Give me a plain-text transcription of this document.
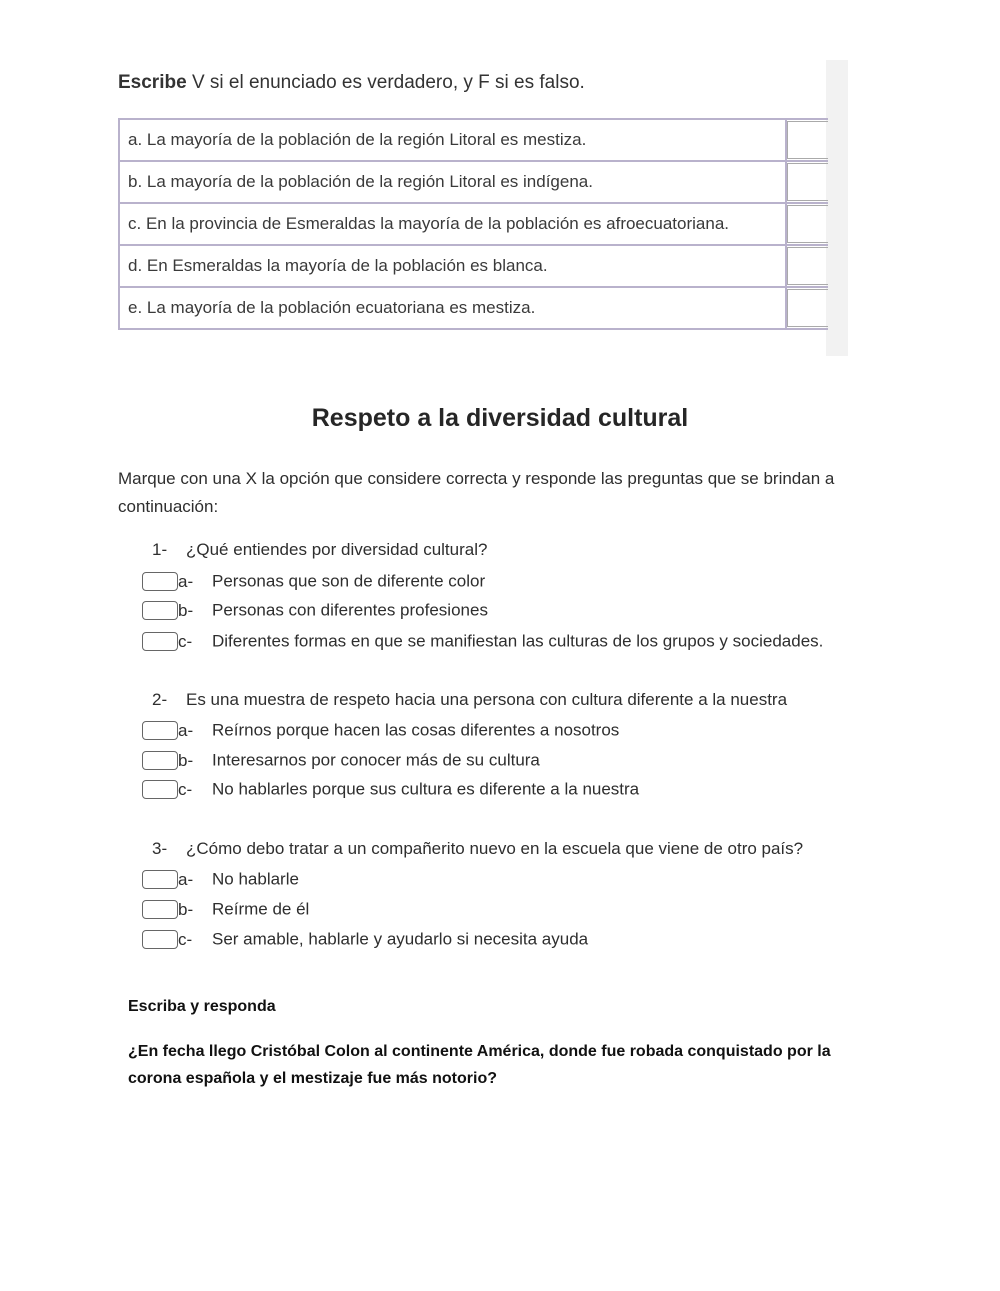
Escribe V si el enunciado es verdadero, y F si es falso.
a. La mayoría de la población de la región Litoral es mestiza.	

b. La mayoría de la población de la región Litoral es indígena.	

c. En la provincia de Esmeraldas la mayoría de la población es afroecuatoriana.	

d. En Esmeraldas la mayoría de la población es blanca.	

e. La mayoría de la población ecuatoriana es mestiza.	
Respeto a la diversidad cultural
Marque con una X la opción que considere correcta y responde las preguntas que se brindan a continuación:
1- ¿Qué entiendes por diversidad cultural?
a- Personas que son de diferente color
b- Personas con diferentes profesiones
c- Diferentes formas en que se manifiestan las culturas de los grupos y sociedades.
2- Es una muestra de respeto hacia una persona con cultura diferente a la nuestra
a- Reírnos porque hacen las cosas diferentes a nosotros
b- Interesarnos por conocer más de su cultura
c- No hablarles porque sus cultura es diferente a la nuestra
3- ¿Cómo debo tratar a un compañerito nuevo en la escuela que viene de otro país?
a- No hablarle
b- Reírme de él
c- Ser amable, hablarle y ayudarlo si necesita ayuda
Escriba y responda
¿En fecha llego Cristóbal Colon al continente América, donde fue robada conquistado por la corona española y el mestizaje fue más notorio?
